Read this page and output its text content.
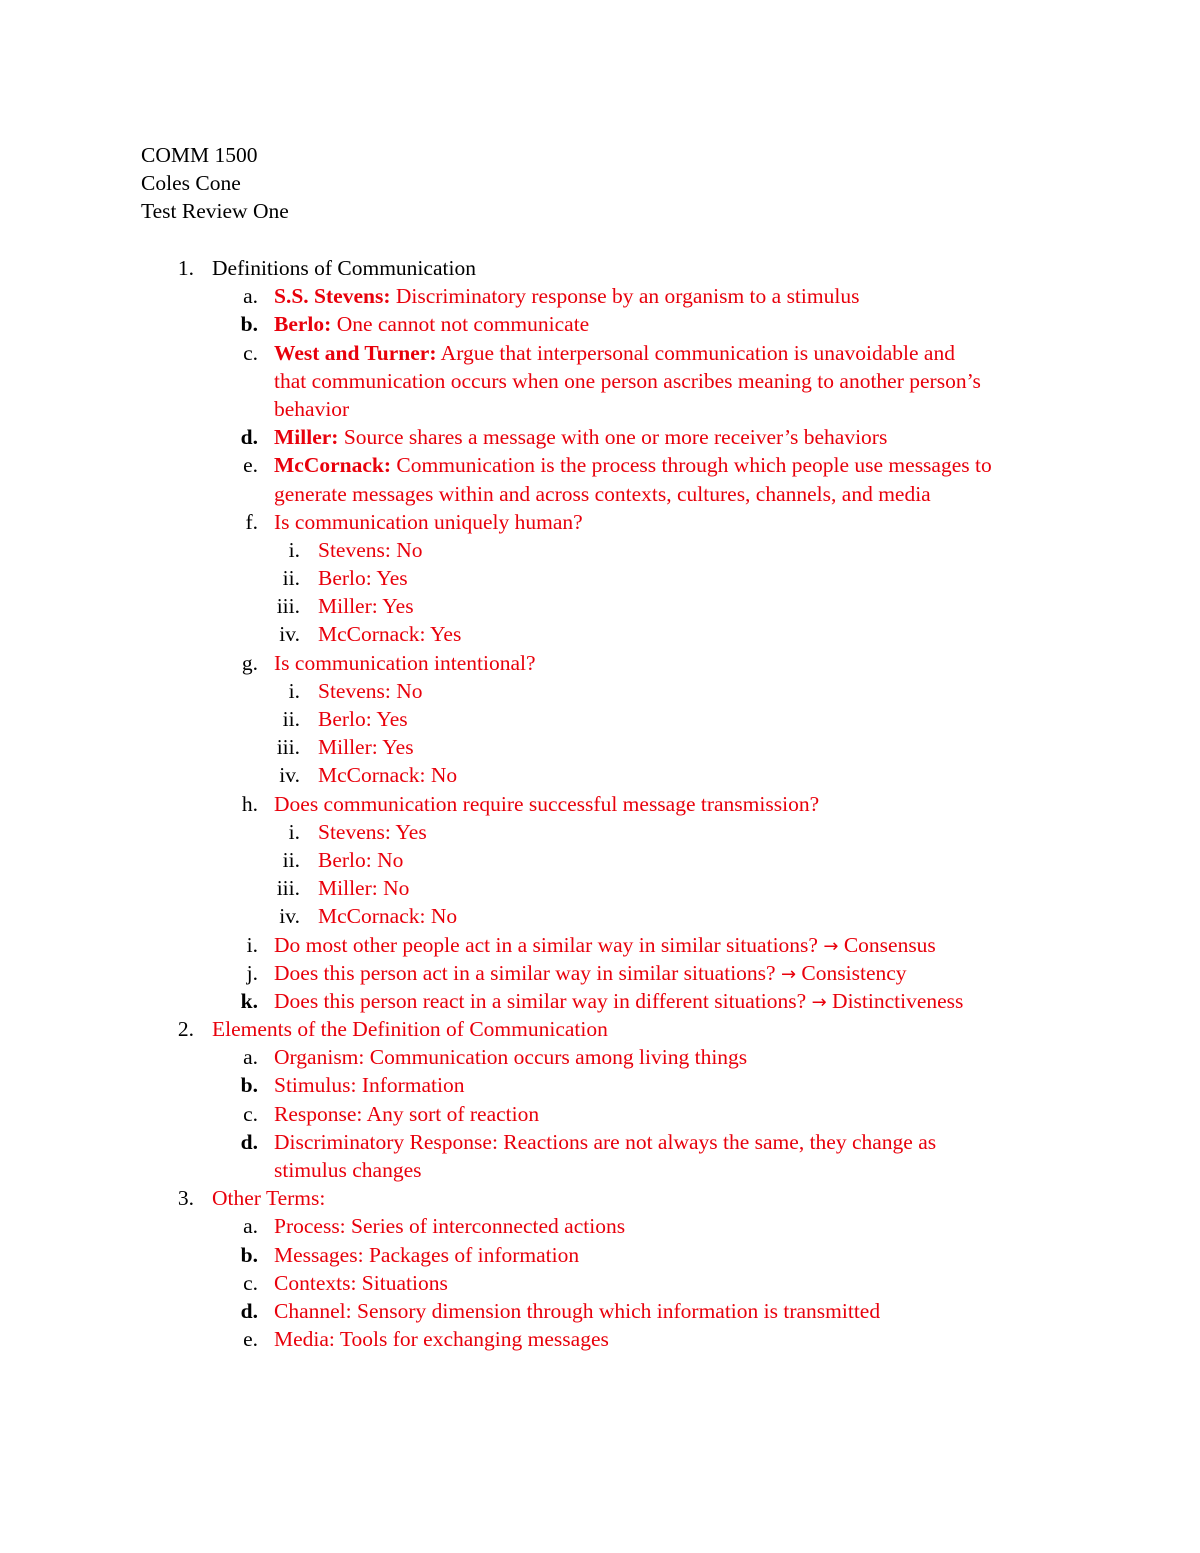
COMM 1500
Coles Cone
Test Review One
1. Definitions of Communication
a. S.S. Stevens: Discriminatory response by an organism to a stimulus
b. Berlo: One cannot not communicate
c. West and Turner: Argue that interpersonal communication is unavoidable and
that communication occurs when one person ascribes meaning to another person’s
behavior
d. Miller: Source shares a message with one or more receiver’s behaviors
e. McCornack: Communication is the process through which people use messages to
generate messages within and across contexts, cultures, channels, and media
f. Is communication uniquely human?
i. Stevens: No
ii. Berlo: Yes
iii. Miller: Yes
iv. McCornack: Yes
g. Is communication intentional?
i. Stevens: No
ii. Berlo: Yes
iii. Miller: Yes
iv. McCornack: No
h. Does communication require successful message transmission?
i. Stevens: Yes
ii. Berlo: No
iii. Miller: No
iv. McCornack: No
i. Do most other people act in a similar way in similar situations? → Consensus
j. Does this person act in a similar way in similar situations? → Consistency
k. Does this person react in a similar way in different situations? → Distinctiveness
2. Elements of the Definition of Communication
a. Organism: Communication occurs among living things
b. Stimulus: Information
c. Response: Any sort of reaction
d. Discriminatory Response: Reactions are not always the same, they change as
stimulus changes
3. Other Terms:
a. Process: Series of interconnected actions
b. Messages: Packages of information
c. Contexts: Situations
d. Channel: Sensory dimension through which information is transmitted
e. Media: Tools for exchanging messages
